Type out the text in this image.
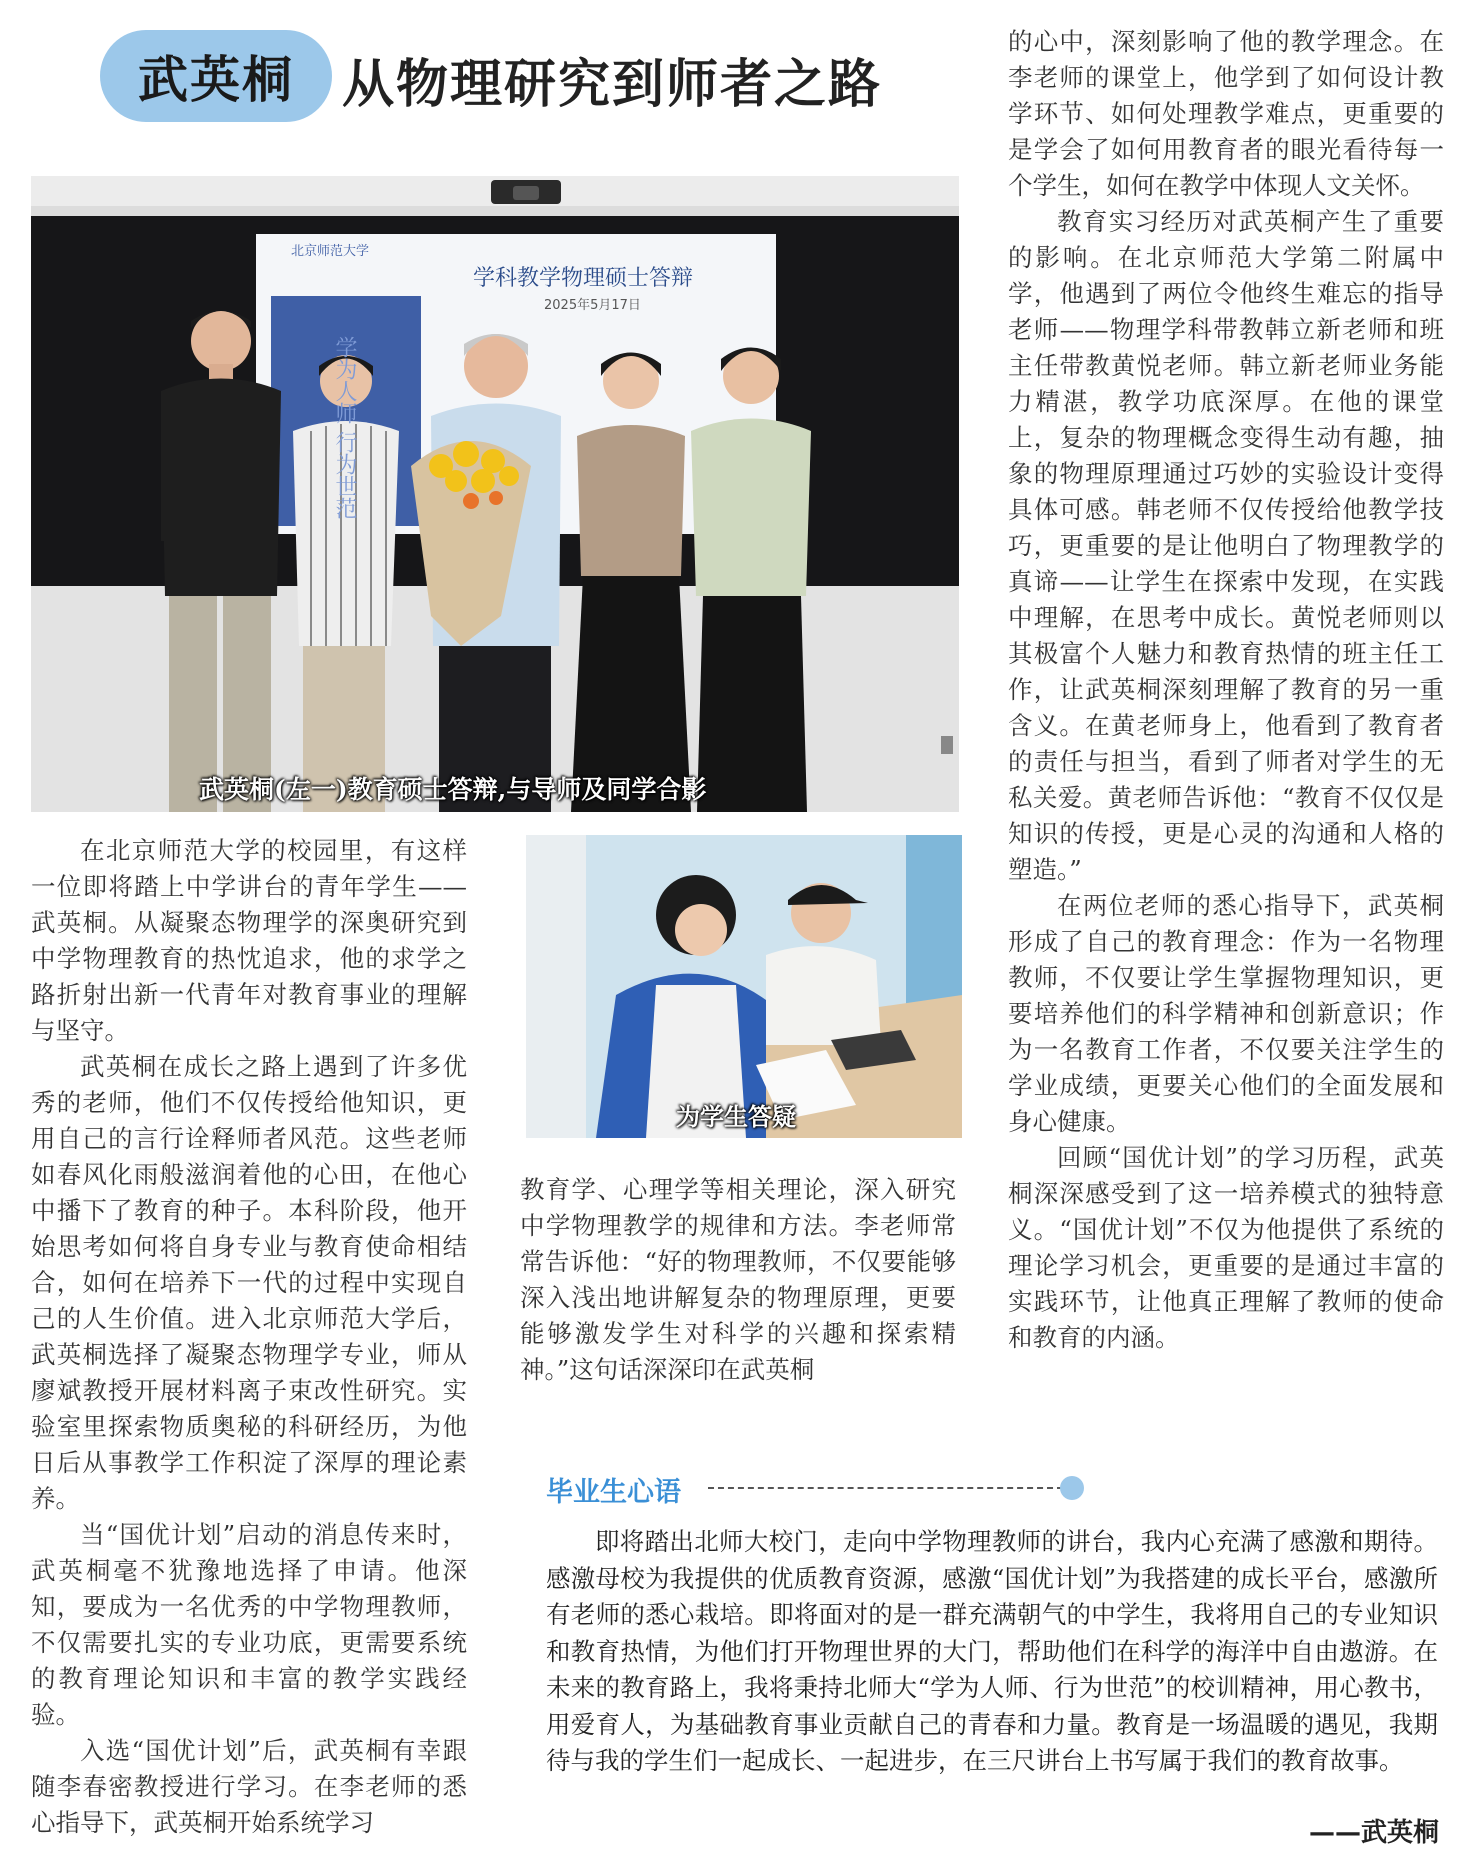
武英桐 从物理研究到师者之路
学科教学物理硕士答辩
2025年5月17日
北京师范大学
学为人师 行为世范
武英桐(左一)教育硕士答辩,与导师及同学合影
为学生答疑

在北京师范大学的校园里，有这样一位即将踏上中学讲台的青年学生——武英桐。从凝聚态物理学的深奥研究到中学物理教育的热忱追求，他的求学之路折射出新一代青年对教育事业的理解与坚守。

武英桐在成长之路上遇到了许多优秀的老师，他们不仅传授给他知识，更用自己的言行诠释师者风范。这些老师如春风化雨般滋润着他的心田，在他心中播下了教育的种子。本科阶段，他开始思考如何将自身专业与教育使命相结合，如何在培养下一代的过程中实现自己的人生价值。进入北京师范大学后，武英桐选择了凝聚态物理学专业，师从廖斌教授开展材料离子束改性研究。实验室里探索物质奥秘的科研经历，为他日后从事教学工作积淀了深厚的理论素养。

当“国优计划”启动的消息传来时，武英桐毫不犹豫地选择了申请。他深知，要成为一名优秀的中学物理教师，不仅需要扎实的专业功底，更需要系统的教育理论知识和丰富的教学实践经验。

入选“国优计划”后，武英桐有幸跟随李春密教授进行学习。在李老师的悉心指导下，武英桐开始系统学习

教育学、心理学等相关理论，深入研究中学物理教学的规律和方法。李老师常常告诉他：“好的物理教师，不仅要能够深入浅出地讲解复杂的物理原理，更要能够激发学生对科学的兴趣和探索精神。”这句话深深印在武英桐

的心中，深刻影响了他的教学理念。在李老师的课堂上，他学到了如何设计教学环节、如何处理教学难点，更重要的是学会了如何用教育者的眼光看待每一个学生，如何在教学中体现人文关怀。

教育实习经历对武英桐产生了重要的影响。在北京师范大学第二附属中学，他遇到了两位令他终生难忘的指导老师——物理学科带教韩立新老师和班主任带教黄悦老师。韩立新老师业务能力精湛，教学功底深厚。在他的课堂上，复杂的物理概念变得生动有趣，抽象的物理原理通过巧妙的实验设计变得具体可感。韩老师不仅传授给他教学技巧，更重要的是让他明白了物理教学的真谛——让学生在探索中发现，在实践中理解，在思考中成长。黄悦老师则以其极富个人魅力和教育热情的班主任工作，让武英桐深刻理解了教育的另一重含义。在黄老师身上，他看到了教育者的责任与担当，看到了师者对学生的无私关爱。黄老师告诉他：“教育不仅仅是知识的传授，更是心灵的沟通和人格的塑造。”

在两位老师的悉心指导下，武英桐形成了自己的教育理念：作为一名物理教师，不仅要让学生掌握物理知识，更要培养他们的科学精神和创新意识；作为一名教育工作者，不仅要关注学生的学业成绩，更要关心他们的全面发展和身心健康。

回顾“国优计划”的学习历程，武英桐深深感受到了这一培养模式的独特意义。“国优计划”不仅为他提供了系统的理论学习机会，更重要的是通过丰富的实践环节，让他真正理解了教师的使命和教育的内涵。

毕业生心语

即将踏出北师大校门，走向中学物理教师的讲台，我内心充满了感激和期待。感激母校为我提供的优质教育资源，感激“国优计划”为我搭建的成长平台，感激所有老师的悉心栽培。即将面对的是一群充满朝气的中学生，我将用自己的专业知识和教育热情，为他们打开物理世界的大门，帮助他们在科学的海洋中自由遨游。在未来的教育路上，我将秉持北师大“学为人师、行为世范”的校训精神，用心教书，用爱育人，为基础教育事业贡献自己的青春和力量。教育是一场温暖的遇见，我期待与我的学生们一起成长、一起进步，在三尺讲台上书写属于我们的教育故事。

——武英桐
